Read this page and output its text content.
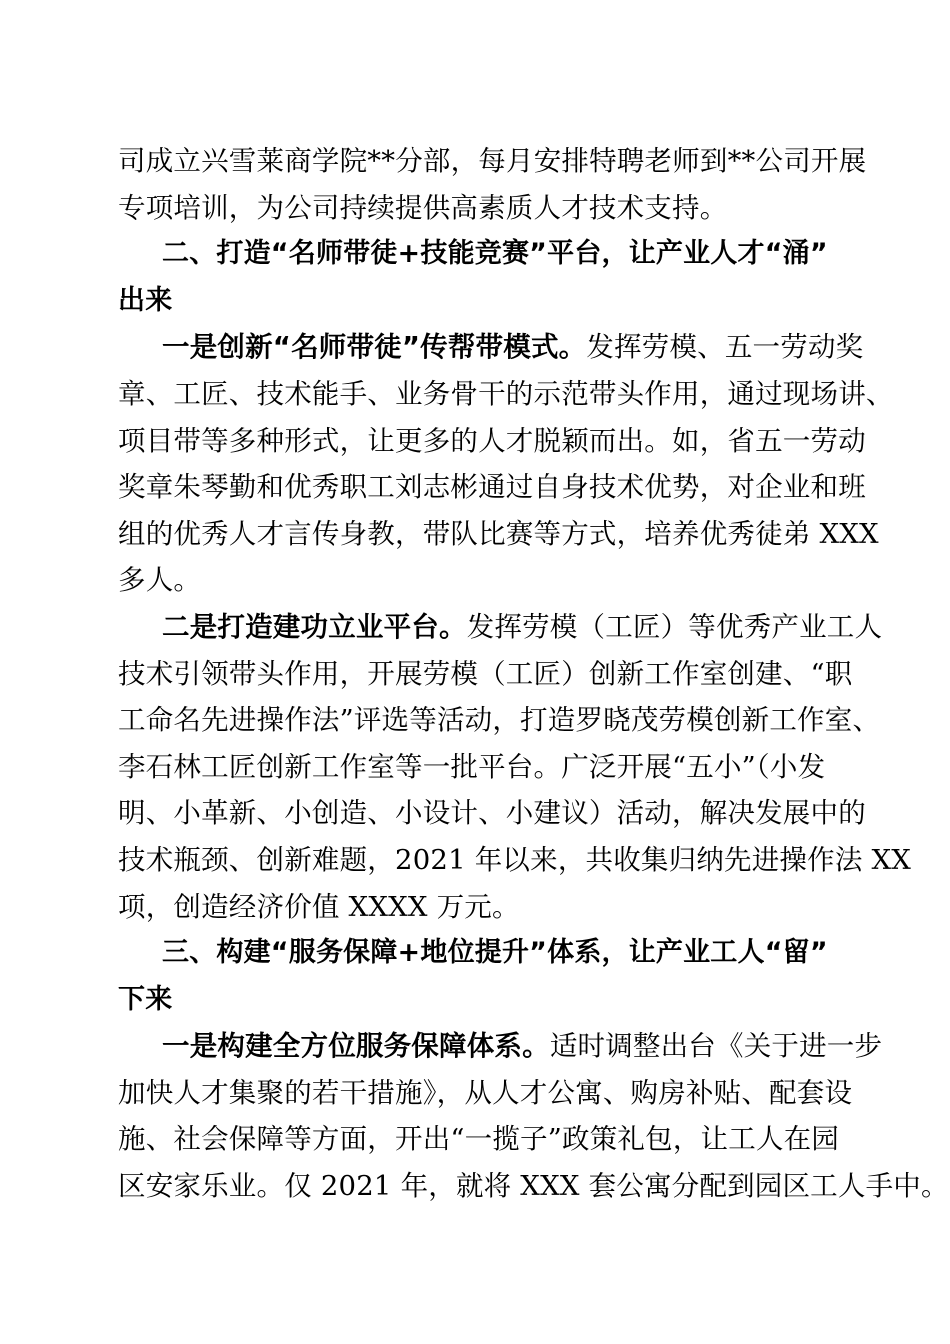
司成立兴雪莱商学院**分部，每月安排特聘老师到**公司开展
专项培训，为公司持续提供高素质人才技术支持。
二、打造“名师带徒+技能竞赛”平台，让产业人才“涌”
出来
一是创新“名师带徒”传帮带模式。发挥劳模、五一劳动奖
章、工匠、技术能手、业务骨干的示范带头作用，通过现场讲、
项目带等多种形式，让更多的人才脱颖而出。如，省五一劳动
奖章朱琴勤和优秀职工刘志彬通过自身技术优势，对企业和班
组的优秀人才言传身教，带队比赛等方式，培养优秀徒弟 XXX
多人。
二是打造建功立业平台。发挥劳模（工匠）等优秀产业工人
技术引领带头作用，开展劳模（工匠）创新工作室创建、“职
工命名先进操作法”评选等活动，打造罗晓茂劳模创新工作室、
李石林工匠创新工作室等一批平台。广泛开展“五小”（小发
明、小革新、小创造、小设计、小建议）活动，解决发展中的
技术瓶颈、创新难题，2021 年以来，共收集归纳先进操作法 XX
项，创造经济价值 XXXX 万元。
三、构建“服务保障+地位提升”体系，让产业工人“留”
下来
一是构建全方位服务保障体系。适时调整出台《关于进一步
加快人才集聚的若干措施》，从人才公寓、购房补贴、配套设
施、社会保障等方面，开出“一揽子”政策礼包，让工人在园
区安家乐业。仅 2021 年，就将 XXX 套公寓分配到园区工人手中。
